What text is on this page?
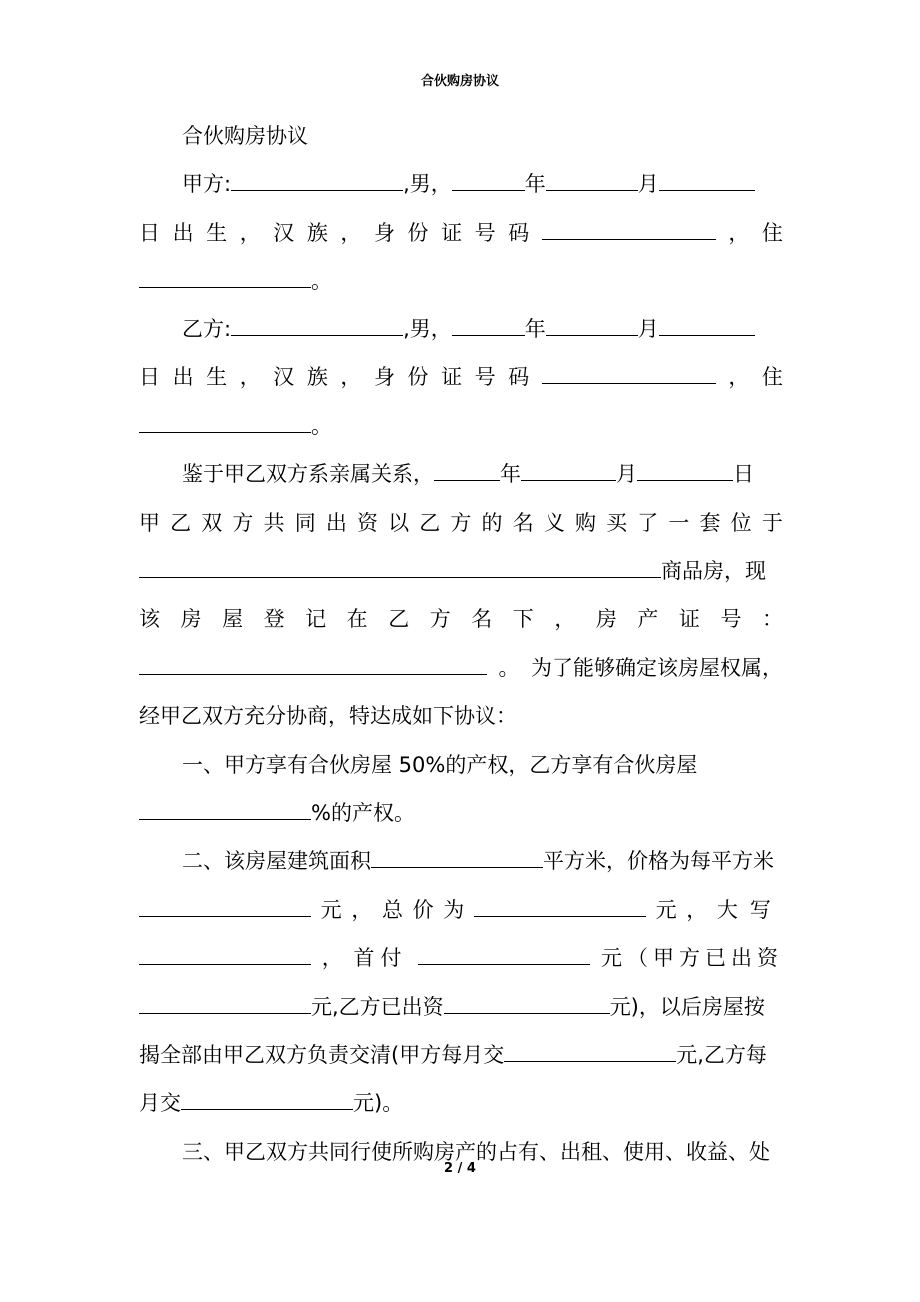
合伙购房协议
合伙购房协议
甲方:	,男，	年	月
日 出 生 ， 汉 族 ， 身 份 证 号 码	， 住
。
乙方:	,男，	年	月
日 出 生 ， 汉 族 ， 身 份 证 号 码	， 住
。
鉴于甲乙双方系亲属关系，	年	月	日
甲 乙 双 方 共 同 出 资 以 乙 方 的 名 义 购 买 了 一 套 位 于
商品房，现
该 房 屋 登 记 在 乙 方 名 下 ， 房 产 证 号 ：
。 为了能够确定该房屋权属，
经甲乙双方充分协商，特达成如下协议：
一、甲方享有合伙房屋 50%的产权，乙方享有合伙房屋
%的产权。
二、该房屋建筑面积	平方米，价格为每平方米
元 ， 总 价 为	元 ， 大写
， 首付	元（甲方已出资
元,乙方已出资	元)，以后房屋按
揭全部由甲乙双方负责交清(甲方每月交	元,乙方每
月交	元)。
三、甲乙双方共同行使所购房产的占有、出租、使用、收益、处
2 / 4
